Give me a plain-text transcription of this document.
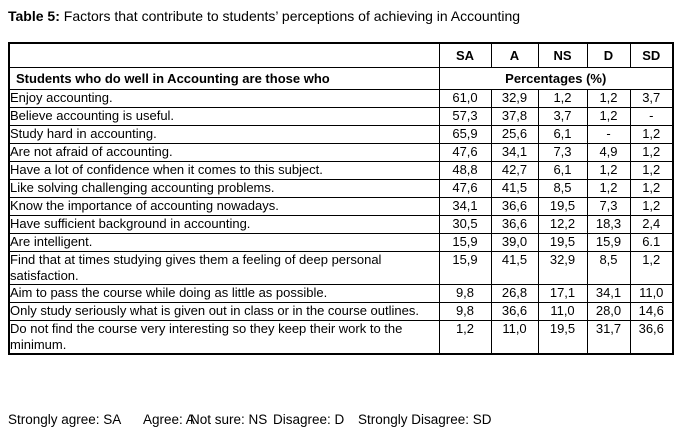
Table 5: Factors that contribute to students’ perceptions of achieving in Accounting
	SA	A	NS	D	SD
Students who do well in Accounting are those who	Percentages (%)				
Enjoy accounting.	61,0	32,9	1,2	1,2	3,7
Believe accounting is useful.	57,3	37,8	3,7	1,2	-
Study hard in accounting.	65,9	25,6	6,1	-	1,2
Are not afraid of accounting.	47,6	34,1	7,3	4,9	1,2
Have a lot of confidence when it comes to this subject.	48,8	42,7	6,1	1,2	1,2
Like solving challenging accounting problems.	47,6	41,5	8,5	1,2	1,2
Know the importance of accounting nowadays.	34,1	36,6	19,5	7,3	1,2
Have sufficient background in accounting.	30,5	36,6	12,2	18,3	2,4
Are intelligent.	15,9	39,0	19,5	15,9	6.1
Find that at times studying gives them a feeling of deep personal satisfaction.	15,9	41,5	32,9	8,5	1,2
Aim to pass the course while doing as little as possible.	9,8	26,8	17,1	34,1	11,0
Only study seriously what is given out in class or in the course outlines.	9,8	36,6	11,0	28,0	14,6
Do not find the course very interesting so they keep their work to the minimum.	1,2	11,0	19,5	31,7	36,6
Strongly agree: SA Agree: A
Not sure: NS Disagree: D Strongly Disagree: SD
